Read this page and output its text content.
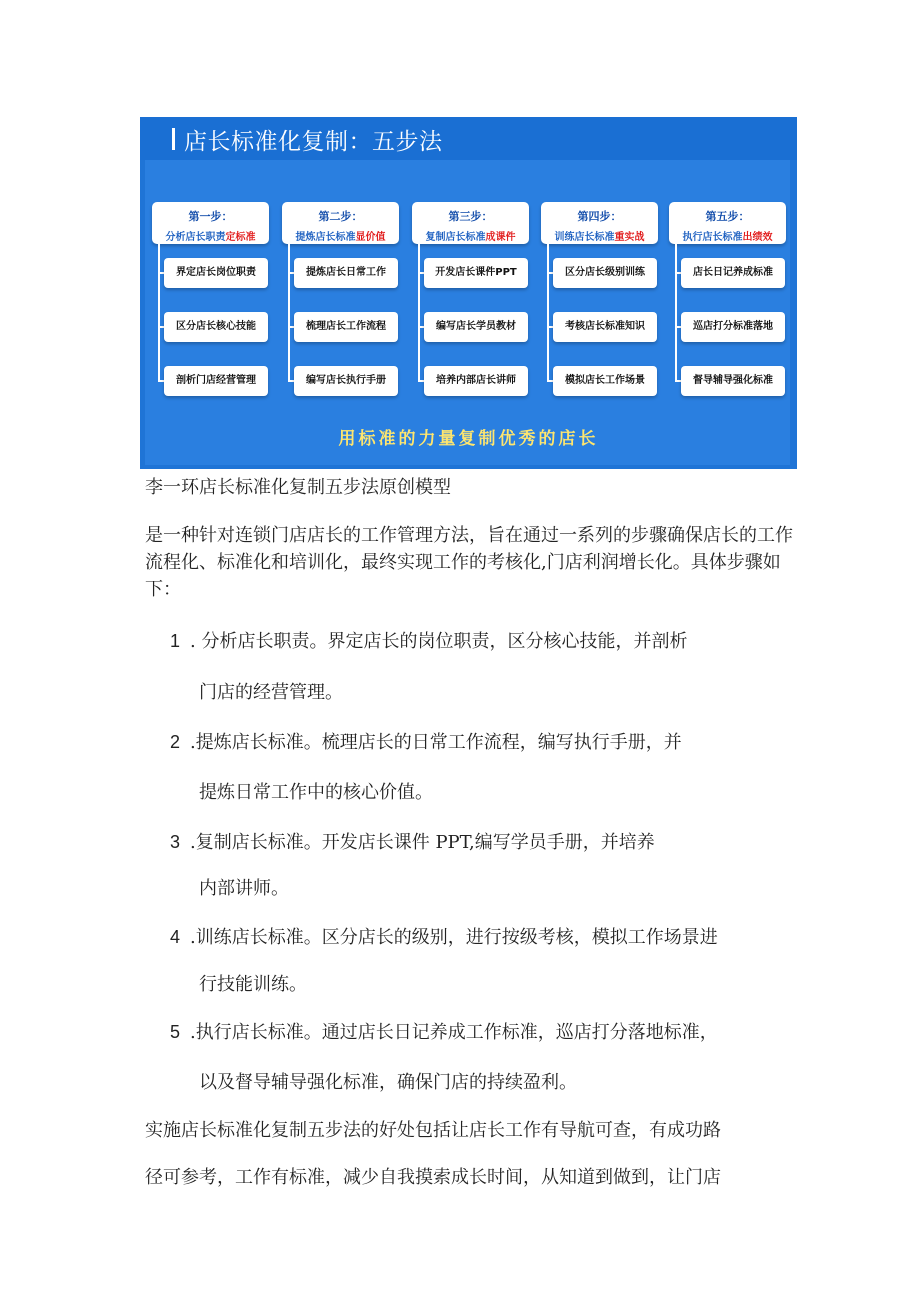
店长标准化复制：五步法
第一步：
分析店长职责定标准
界定店长岗位职责
区分店长核心技能
剖析门店经营管理
第二步：
提炼店长标准显价值
提炼店长日常工作
梳理店长工作流程
编写店长执行手册
第三步：
复制店长标准成课件
开发店长课件PPT
编写店长学员教材
培养内部店长讲师
第四步：
训练店长标准重实战
区分店长级别训练
考核店长标准知识
模拟店长工作场景
第五步：
执行店长标准出绩效
店长日记养成标准
巡店打分标准落地
督导辅导强化标准
用标准的力量复制优秀的店长
李一环店长标准化复制五步法原创模型
是一种针对连锁门店店长的工作管理方法，旨在通过一系列的步骤确保店长的工作流程化、标准化和培训化，最终实现工作的考核化,门店利润增长化。具体步骤如下：
1 . 分析店长职责。界定店长的岗位职责，区分核心技能，并剖析
门店的经营管理。
2 .提炼店长标准。梳理店长的日常工作流程，编写执行手册，并
提炼日常工作中的核心价值。
3 .复制店长标准。开发店长课件 PPT,编写学员手册，并培养
内部讲师。
4 .训练店长标准。区分店长的级别，进行按级考核，模拟工作场景进
行技能训练。
5 .执行店长标准。通过店长日记养成工作标准，巡店打分落地标准，
以及督导辅导强化标准，确保门店的持续盈利。
实施店长标准化复制五步法的好处包括让店长工作有导航可查，有成功路
径可参考，工作有标准，减少自我摸索成长时间，从知道到做到，让门店
